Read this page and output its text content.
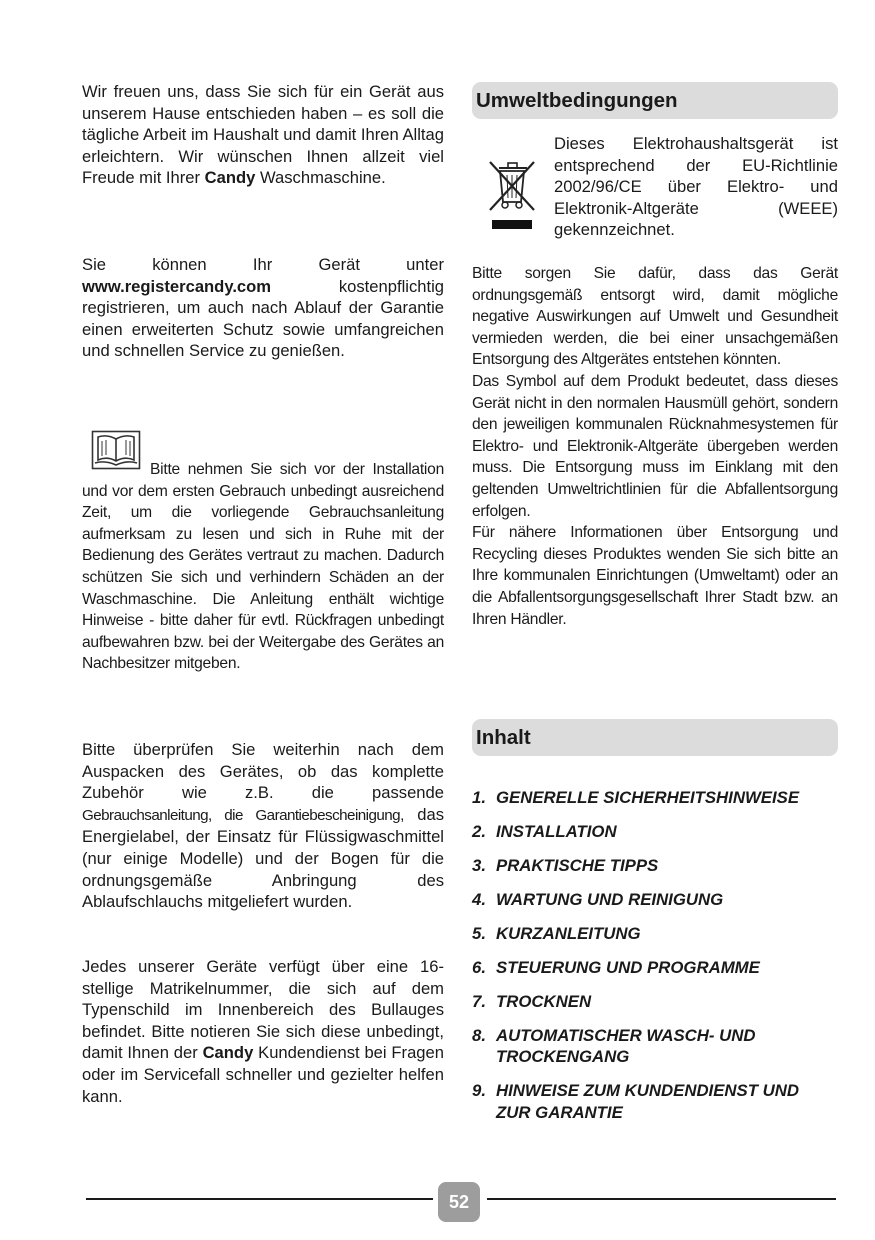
Wir freuen uns, dass Sie sich für ein Gerät aus unserem Hause entschieden haben – es soll die tägliche Arbeit im Haushalt und damit Ihren Alltag erleichtern. Wir wünschen Ihnen allzeit viel Freude mit Ihrer Candy Waschmaschine.

Sie können Ihr Gerät unter www.registercandy.com kostenpflichtig registrieren, um auch nach Ablauf der Garantie einen erweiterten Schutz sowie umfangreichen und schnellen Service zu genießen.

Bitte nehmen Sie sich vor der Installation und vor dem ersten Gebrauch unbedingt ausreichend Zeit, um die vorliegende Gebrauchsanleitung aufmerksam zu lesen und sich in Ruhe mit der Bedienung des Gerätes vertraut zu machen. Dadurch schützen Sie sich und verhindern Schäden an der Waschmaschine. Die Anleitung enthält wichtige Hinweise - bitte daher für evtl. Rückfragen unbedingt aufbewahren bzw. bei der Weitergabe des Gerätes an Nachbesitzer mitgeben.

Bitte überprüfen Sie weiterhin nach dem Auspacken des Gerätes, ob das komplette Zubehör wie z.B. die passende Gebrauchsanleitung, die Garantiebescheinigung, das Energielabel, der Einsatz für Flüssigwaschmittel (nur einige Modelle) und der Bogen für die ordnungsgemäße Anbringung des Ablaufschlauchs mitgeliefert wurden.

Jedes unserer Geräte verfügt über eine 16-stellige Matrikelnummer, die sich auf dem Typenschild im Innenbereich des Bullauges befindet. Bitte notieren Sie sich diese unbedingt, damit Ihnen der Candy Kundendienst bei Fragen oder im Servicefall schneller und gezielter helfen kann.

Umweltbedingungen

Dieses Elektrohaushaltsgerät ist entsprechend der EU-Richtlinie 2002/96/CE über Elektro- und Elektronik-Altgeräte (WEEE) gekennzeichnet.

Bitte sorgen Sie dafür, dass das Gerät ordnungsgemäß entsorgt wird, damit mögliche negative Auswirkungen auf Umwelt und Gesundheit vermieden werden, die bei einer unsachgemäßen Entsorgung des Altgerätes entstehen könnten.

Das Symbol auf dem Produkt bedeutet, dass dieses Gerät nicht in den normalen Hausmüll gehört, sondern den jeweiligen kommunalen Rücknahmesystemen für Elektro- und Elektronik-Altgeräte übergeben werden muss. Die Entsorgung muss im Einklang mit den geltenden Umweltrichtlinien für die Abfallentsorgung erfolgen.

Für nähere Informationen über Entsorgung und Recycling dieses Produktes wenden Sie sich bitte an Ihre kommunalen Einrichtungen (Umweltamt) oder an die Abfallentsorgungsgesellschaft Ihrer Stadt bzw. an Ihren Händler.

Inhalt
1. GENERELLE SICHERHEITSHINWEISE
2. INSTALLATION
3. PRAKTISCHE TIPPS
4. WARTUNG UND REINIGUNG
5. KURZANLEITUNG
6. STEUERUNG UND PROGRAMME
7. TROCKNEN
8. AUTOMATISCHER WASCH- UND TROCKENGANG
9. HINWEISE ZUM KUNDENDIENST UND ZUR GARANTIE
52
